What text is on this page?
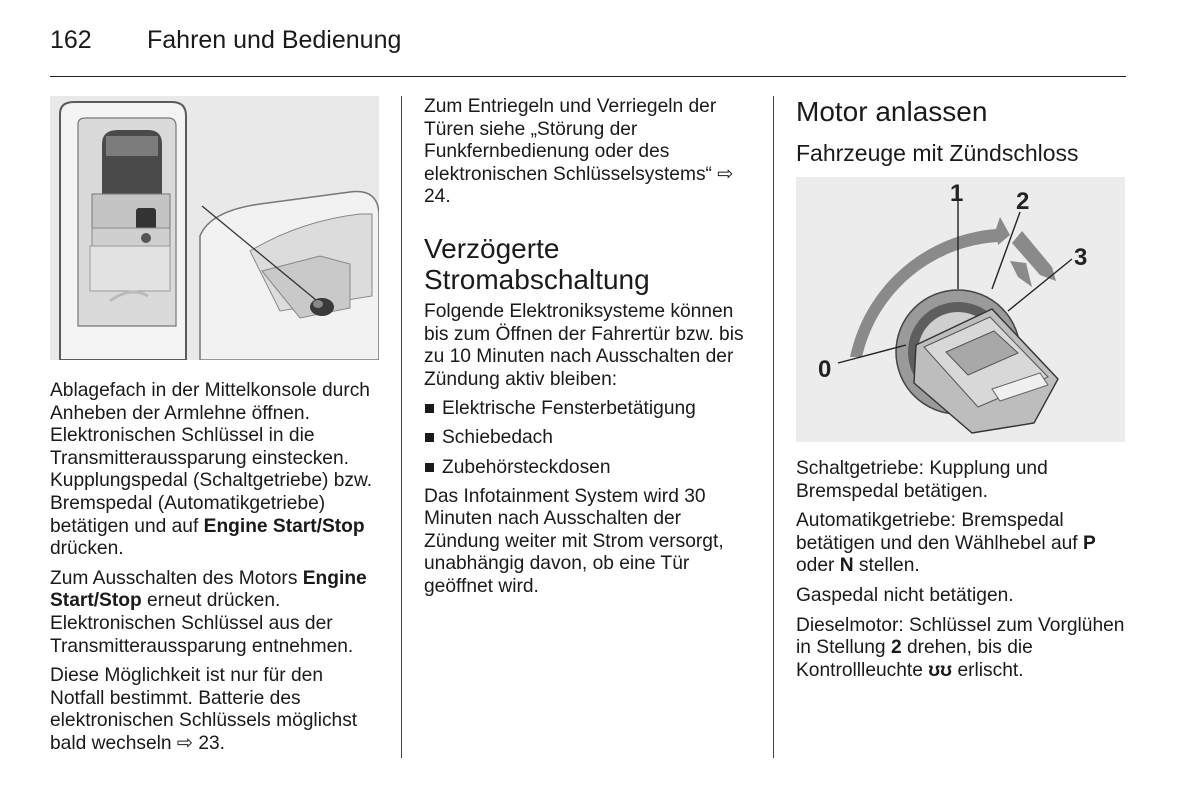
162 Fahren und Bedienung

Ablagefach in der Mittelkonsole durch Anheben der Armlehne öffnen. Elektronischen Schlüssel in die Transmitteraussparung einstecken. Kupplungspedal (Schaltgetriebe) bzw. Bremspedal (Automatikgetriebe) betätigen und auf Engine Start/Stop drücken.

Zum Ausschalten des Motors Engine Start/Stop erneut drücken. Elektronischen Schlüssel aus der Transmitteraussparung entnehmen.

Diese Möglichkeit ist nur für den Notfall bestimmt. Batterie des elektronischen Schlüssels möglichst bald wechseln ⇨ 23.

Zum Entriegeln und Verriegeln der Türen siehe „Störung der Funkfernbedienung oder des elektronischen Schlüsselsystems“ ⇨ 24.

Verzögerte Stromabschaltung

Folgende Elektroniksysteme können bis zum Öffnen der Fahrertür bzw. bis zu 10 Minuten nach Ausschalten der Zündung aktiv bleiben:

Elektrische Fensterbetätigung
Schiebedach
Zubehörsteckdosen

Das Infotainment System wird 30 Minuten nach Ausschalten der Zündung weiter mit Strom versorgt, unabhängig davon, ob eine Tür geöffnet wird.

Motor anlassen
Fahrzeuge mit Zündschloss
1 2
3
0

Schaltgetriebe: Kupplung und Bremspedal betätigen.

Automatikgetriebe: Bremspedal betätigen und den Wählhebel auf P oder N stellen.

Gaspedal nicht betätigen.

Dieselmotor: Schlüssel zum Vorglühen in Stellung 2 drehen, bis die Kontrollleuchte ʊʊ erlischt.
